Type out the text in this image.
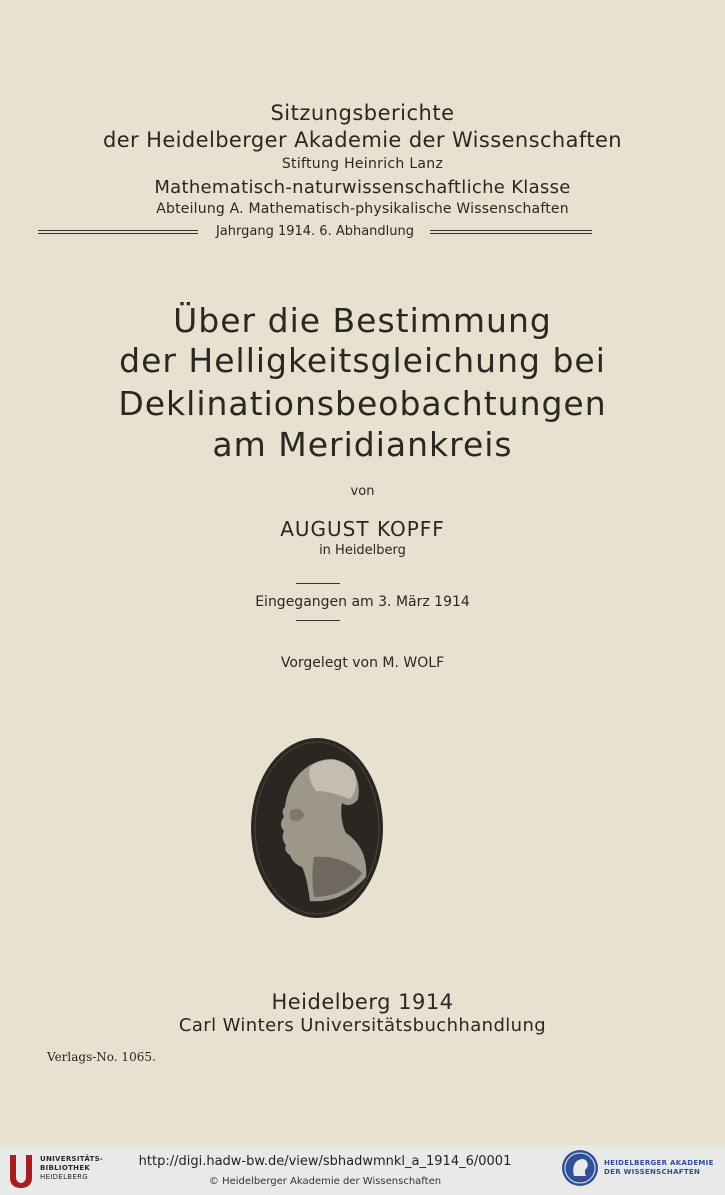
Sitzungsberichte
der Heidelberger Akademie der Wissenschaften
Stiftung Heinrich Lanz
Mathematisch-naturwissenschaftliche Klasse
Abteilung A. Mathematisch-physikalische Wissenschaften
Jahrgang 1914. 6. Abhandlung
Über die Bestimmung
der Helligkeitsgleichung bei
Deklinationsbeobachtungen
am Meridiankreis
von
AUGUST KOPFF
in Heidelberg
Eingegangen am 3. März 1914
Vorgelegt von M. WOLF
Heidelberg 1914
Carl Winters Universitätsbuchhandlung
Verlags-No. 1065.
UNIVERSITÄTS-
BIBLIOTHEK
HEIDELBERG
http://digi.hadw-bw.de/view/sbhadwmnkl_a_1914_6/0001
© Heidelberger Akademie der Wissenschaften
HEIDELBERGER AKADEMIE
DER WISSENSCHAFTEN
